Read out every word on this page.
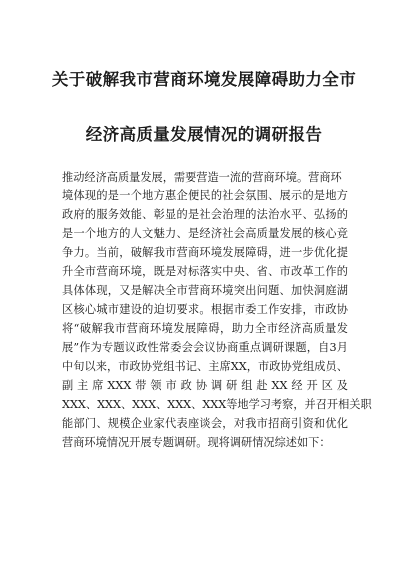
关于破解我市营商环境发展障碍助力全市
经济高质量发展情况的调研报告
推动经济高质量发展，需要营造一流的营商环境。营商环
境体现的是一个地方惠企便民的社会氛围、展示的是地方
政府的服务效能、彰显的是社会治理的法治水平、弘扬的
是一个地方的人文魅力、是经济社会高质量发展的核心竞
争力。当前，破解我市营商环境发展障碍，进一步优化提
升全市营商环境，既是对标落实中央、省、市改革工作的
具体体现，又是解决全市营商环境突出问题、加快洞庭湖
区核心城市建设的迫切要求。根据市委工作安排，市政协
将“破解我市营商环境发展障碍，助力全市经济高质量发
展”作为专题议政性常委会会议协商重点调研课题，自3月
中旬以来，市政协党组书记、主席XX，市政协党组成员、
副主席XXX带领市政协调研组赴XX经开区及
XXX、XXX、XXX、XXX、XXX等地学习考察，并召开相关职
能部门、规模企业家代表座谈会，对我市招商引资和优化
营商环境情况开展专题调研。现将调研情况综述如下：
